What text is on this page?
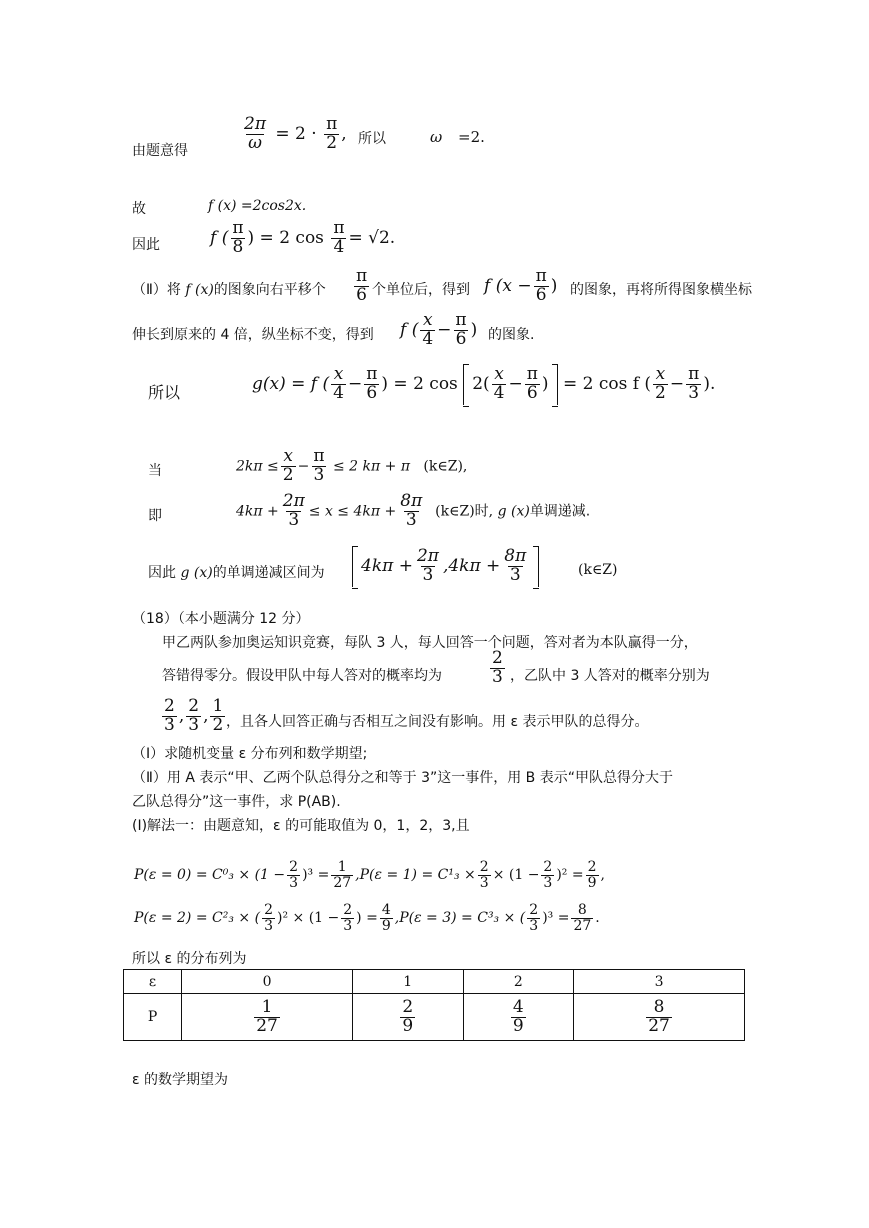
由题意得	$\frac{2\pi}{\omega} = 2 \cdot \frac{\pi}{2}$ , 所以	ω =2.
故	f (x) =2cos2x.
因此	f ( $\frac{\pi}{8}$ ) = 2 $\cos \frac{\pi}{4} = √2$.
（Ⅱ）将 f (x)的图象向右平移个 $\frac{\pi}{6}$ 个单位后，得到 f ($x - \frac{\pi}{6}$ ) 的图象，再将所得图象横坐标
伸长到原来的 4 倍，纵坐标不变，得到 f ( $\frac{x}{4} - \frac{\pi}{6}$ ) 的图象.
所以	g(x) = f ( $\frac{x}{4} - \frac{\pi}{6}$ ) = 2 $\cos 2( \frac{x}{4} - \frac{\pi}{6}$ ) = 2 cos f ( $\frac{x}{2} - \frac{\pi}{3}$ ).
当	$2k\pi \le \frac{x}{2} - \frac{\pi}{3} \le 2$ kπ + π (k∈Z),
即	$4k\pi + \frac{2\pi}{3} \le x \le 4k\pi + \frac{8\pi}{3}$ (k∈Z)时, g (x)单调递减.
因此 g (x)的单调递减区间为	$4k\pi + \frac{2\pi}{3} ,4k\pi + \frac{8\pi}{3}$	(k∈Z)
（18）（本小题满分 12 分）
甲乙两队参加奥运知识竞赛，每队 3 人，每人回答一个问题，答对者为本队赢得一分，
答错得零分。假设甲队中每人答对的概率均为	$\frac{2}{3}$ ，乙队中 3 人答对的概率分别为
$\frac{2}{3}$ , $\frac{2}{3}$ , $\frac{1}{2}$ ，且各人回答正确与否相互之间没有影响。用 ε 表示甲队的总得分。
（Ⅰ）求随机变量 ε 分布列和数学期望;
（Ⅱ）用 A 表示“甲、乙两个队总得分之和等于 3”这一事件，用 B 表示“甲队总得分大于
乙队总得分”这一事件，求 P(AB).
(Ⅰ)解法一：由题意知，ε 的可能取值为 0，1，2，3,且
$P(\varepsilon = 0) = C^0_3 \times (1 - \frac{2}{3} )^3 = \frac{1}{27} ,P(\varepsilon = 1) = C^1_3 \times \frac{2}{3} \times (1 - \frac{2}{3} )^2 = \frac{2}{9}$ ,
P(ε = 2) = C²₃ × ( $\frac{2}{3} )^2 \times (1 - \frac{2}{3}$ ) = $\frac{4}{9} ,P(\varepsilon = 3) = C^3_3$ × ( $\frac{2}{3} )^3 = \frac{8}{27}$ .
所以 ε 的分布列为
ε	0	1	2	3
P	$\frac{1}{27}$	$\frac{2}{9}$	$\frac{4}{9}$	$\frac{8}{27}$
ε 的数学期望为
